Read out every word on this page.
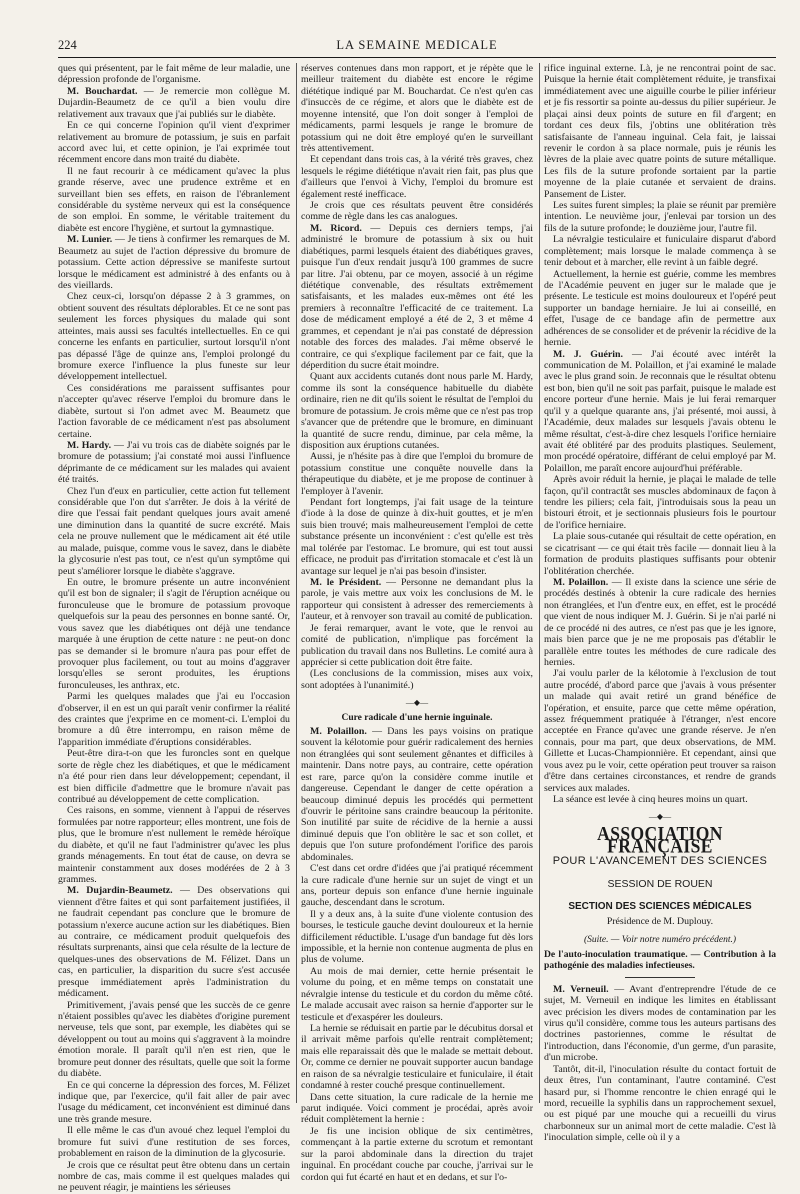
224	LA SEMAINE MEDICALE

ques qui présentent, par le fait même de leur maladie, une dépression profonde de l'organisme.

M. Bouchardat. — Je remercie mon collègue M. Dujardin-Beaumetz de ce qu'il a bien voulu dire relativement aux travaux que j'ai publiés sur le diabète.

En ce qui concerne l'opinion qu'il vient d'exprimer relativement au bromure de potassium, je suis en parfait accord avec lui, et cette opinion, je l'ai exprimée tout récemment encore dans mon traité du diabète.

Il ne faut recourir à ce médicament qu'avec la plus grande réserve, avec une prudence extrême et en surveillant bien ses effets, en raison de l'ébranlement considérable du système nerveux qui est la conséquence de son emploi. En somme, le véritable traitement du diabète est encore l'hygiène, et surtout la gymnastique.

M. Lunier. — Je tiens à confirmer les remarques de M. Beaumetz au sujet de l'action dépressive du bromure de potassium. Cette action dépressive se manifeste surtout lorsque le médicament est administré à des enfants ou à des vieillards.

Chez ceux-ci, lorsqu'on dépasse 2 à 3 grammes, on obtient souvent des résultats déplorables. Et ce ne sont pas seulement les forces physiques du malade qui sont atteintes, mais aussi ses facultés intellectuelles. En ce qui concerne les enfants en particulier, surtout lorsqu'il n'ont pas dépassé l'âge de quinze ans, l'emploi prolongé du bromure exerce l'influence la plus funeste sur leur développement intellectuel.

Ces considérations me paraissent suffisantes pour n'accepter qu'avec réserve l'emploi du bromure dans le diabète, surtout si l'on admet avec M. Beaumetz que l'action favorable de ce médicament n'est pas absolument certaine.

M. Hardy. — J'ai vu trois cas de diabète soignés par le bromure de potassium; j'ai constaté moi aussi l'influence déprimante de ce médicament sur les malades qui avaient été traités.

Chez l'un d'eux en particulier, cette action fut tellement considérable que l'on dut s'arrêter. Je dois à la vérité de dire que l'essai fait pendant quelques jours avait amené une diminution dans la quantité de sucre excrété. Mais cela ne prouve nullement que le médicament ait été utile au malade, puisque, comme vous le savez, dans le diabète la glycosurie n'est pas tout, ce n'est qu'un symptôme qui peut s'améliorer lorsque le diabète s'aggrave.

En outre, le bromure présente un autre inconvénient qu'il est bon de signaler; il s'agit de l'éruption acnéique ou furonculeuse que le bromure de potassium provoque quelquefois sur la peau des personnes en bonne santé. Or, vous savez que les diabétiques ont déjà une tendance marquée à une éruption de cette nature : ne peut-on donc pas se demander si le bromure n'aura pas pour effet de provoquer plus facilement, ou tout au moins d'aggraver lorsqu'elles se seront produites, les éruptions furonculeuses, les anthrax, etc.

Parmi les quelques malades que j'ai eu l'occasion d'observer, il en est un qui paraît venir confirmer la réalité des craintes que j'exprime en ce moment-ci. L'emploi du bromure a dû être interrompu, en raison même de l'apparition immédiate d'éruptions considérables.

Peut-être dira-t-on que les furoncles sont en quelque sorte de règle chez les diabétiques, et que le médicament n'a été pour rien dans leur développement; cependant, il est bien difficile d'admettre que le bromure n'avait pas contribué au développement de cette complication.

Ces raisons, en somme, viennent à l'appui de réserves formulées par notre rapporteur; elles montrent, une fois de plus, que le bromure n'est nullement le remède héroïque du diabète, et qu'il ne faut l'administrer qu'avec les plus grands ménagements. En tout état de cause, on devra se maintenir constamment aux doses modérées de 2 à 3 grammes.

M. Dujardin-Beaumetz. — Des observations qui viennent d'être faites et qui sont parfaitement justifiées, il ne faudrait cependant pas conclure que le bromure de potassium n'exerce aucune action sur les diabétiques. Bien au contraire, ce médicament produit quelquefois des résultats surprenants, ainsi que cela résulte de la lecture de quelques-unes des observations de M. Félizet. Dans un cas, en particulier, la disparition du sucre s'est accusée presque immédiatement après l'administration du médicament.

Primitivement, j'avais pensé que les succès de ce genre n'étaient possibles qu'avec les diabètes d'origine purement nerveuse, tels que sont, par exemple, les diabètes qui se développent ou tout au moins qui s'aggravent à la moindre émotion morale. Il paraît qu'il n'en est rien, que le bromure peut donner des résultats, quelle que soit la forme du diabète.

En ce qui concerne la dépression des forces, M. Félizet indique que, par l'exercice, qu'il fait aller de pair avec l'usage du médicament, cet inconvénient est diminué dans une très grande mesure.

Il elle même le cas d'un avoué chez lequel l'emploi du bromure fut suivi d'une restitution de ses forces, probablement en raison de la diminution de la glycosurie.

Je crois que ce résultat peut être obtenu dans un certain nombre de cas, mais comme il est quelques malades qui ne peuvent réagir, je maintiens les sérieuses

réserves contenues dans mon rapport, et je répète que le meilleur traitement du diabète est encore le régime diététique indiqué par M. Bouchardat. Ce n'est qu'en cas d'insuccès de ce régime, et alors que le diabète est de moyenne intensité, que l'on doit songer à l'emploi de médicaments, parmi lesquels je range le bromure de potassium qui ne doit être employé qu'en le surveillant très attentivement.

Et cependant dans trois cas, à la vérité très graves, chez lesquels le régime diététique n'avait rien fait, pas plus que d'ailleurs que l'envoi à Vichy, l'emploi du bromure est également resté inefficace.

Je crois que ces résultats peuvent être considérés comme de règle dans les cas analogues.

M. Ricord. — Depuis ces derniers temps, j'ai administré le bromure de potassium à six ou huit diabétiques, parmi lesquels étaient des diabétiques graves, puisque l'un d'eux rendait jusqu'à 100 grammes de sucre par litre. J'ai obtenu, par ce moyen, associé à un régime diététique convenable, des résultats extrêmement satisfaisants, et les malades eux-mêmes ont été les premiers à reconnaître l'efficacité de ce traitement. La dose de médicament employé a été de 2, 3 et même 4 grammes, et cependant je n'ai pas constaté de dépression notable des forces des malades. J'ai même observé le contraire, ce qui s'explique facilement par ce fait, que la déperdition du sucre était moindre.

Quant aux accidents cutanés dont nous parle M. Hardy, comme ils sont la conséquence habituelle du diabète ordinaire, rien ne dit qu'ils soient le résultat de l'emploi du bromure de potassium. Je crois même que ce n'est pas trop s'avancer que de prétendre que le bromure, en diminuant la quantité de sucre rendu, diminue, par cela même, la disposition aux éruptions cutanées.

Aussi, je n'hésite pas à dire que l'emploi du bromure de potassium constitue une conquête nouvelle dans la thérapeutique du diabète, et je me propose de continuer à l'employer à l'avenir.

Pendant fort longtemps, j'ai fait usage de la teinture d'iode à la dose de quinze à dix-huit gouttes, et je m'en suis bien trouvé; mais malheureusement l'emploi de cette substance présente un inconvénient : c'est qu'elle est très mal tolérée par l'estomac. Le bromure, qui est tout aussi efficace, ne produit pas d'irritation stomacale et c'est là un avantage sur lequel je n'ai pas besoin d'insister.

M. le Président. — Personne ne demandant plus la parole, je vais mettre aux voix les conclusions de M. le rapporteur qui consistent à adresser des remerciements à l'auteur, et à renvoyer son travail au comité de publication.

Je ferai remarquer, avant le vote, que le renvoi au comité de publication, n'implique pas forcément la publication du travail dans nos Bulletins. Le comité aura à apprécier si cette publication doit être faite.

(Les conclusions de la commission, mises aux voix, sont adoptées à l'unanimité.)

—◆—
Cure radicale d'une hernie inguinale.

M. Polaillon. — Dans les pays voisins on pratique souvent la kélotomie pour guérir radicalement des hernies non étranglées qui sont seulement gênantes et difficiles à maintenir. Dans notre pays, au contraire, cette opération est rare, parce qu'on la considère comme inutile et dangereuse. Cependant le danger de cette opération a beaucoup diminué depuis les procédés qui permettent d'ouvrir le péritoine sans craindre beaucoup la péritonite. Son inutilité par suite de récidive de la hernie a aussi diminué depuis que l'on oblitère le sac et son collet, et depuis que l'on suture profondément l'orifice des parois abdominales.

C'est dans cet ordre d'idées que j'ai pratiqué récemment la cure radicale d'une hernie sur un sujet de vingt et un ans, porteur depuis son enfance d'une hernie inguinale gauche, descendant dans le scrotum.

Il y a deux ans, à la suite d'une violente contusion des bourses, le testicule gauche devint douloureux et la hernie difficilement réductible. L'usage d'un bandage fut dès lors impossible, et la hernie non contenue augmenta de plus en plus de volume.

Au mois de mai dernier, cette hernie présentait le volume du poing, et en même temps on constatait une névralgie intense du testicule et du cordon du même côté. Le malade accusait avec raison sa hernie d'apporter sur le testicule et d'exaspérer les douleurs.

La hernie se réduisait en partie par le décubitus dorsal et il arrivait même parfois qu'elle rentrait complètement; mais elle reparaissait dès que le malade se mettait debout. Or, comme ce dernier ne pouvait supporter aucun bandage en raison de sa névralgie testiculaire et funiculaire, il était condamné à rester couché presque continuellement.

Dans cette situation, la cure radicale de la hernie me parut indiquée. Voici comment je procédai, après avoir réduit complètement la hernie :

Je fis une incision oblique de six centimètres, commençant à la partie externe du scrotum et remontant sur la paroi abdominale dans la direction du trajet inguinal. En procédant couche par couche, j'arrivai sur le cordon qui fut écarté en haut et en dedans, et sur l'o-

rifice inguinal externe. Là, je ne rencontrai point de sac. Puisque la hernie était complètement réduite, je transfixai immédiatement avec une aiguille courbe le pilier inférieur et je fis ressortir sa pointe au-dessus du pilier supérieur. Je plaçai ainsi deux points de suture en fil d'argent; en tordant ces deux fils, j'obtins une oblitération très satisfaisante de l'anneau inguinal. Cela fait, je laissai revenir le cordon à sa place normale, puis je réunis les lèvres de la plaie avec quatre points de suture métallique. Les fils de la suture profonde sortaient par la partie moyenne de la plaie cutanée et servaient de drains. Pansement de Lister.

Les suites furent simples; la plaie se réunit par première intention. Le neuvième jour, j'enlevai par torsion un des fils de la suture profonde; le douzième jour, l'autre fil.

La névralgie testiculaire et funiculaire disparut d'abord complètement; mais lorsque le malade commença à se tenir debout et à marcher, elle revint à un faible degré.

Actuellement, la hernie est guérie, comme les membres de l'Académie peuvent en juger sur le malade que je présente. Le testicule est moins douloureux et l'opéré peut supporter un bandage herniaire. Je lui ai conseillé, en effet, l'usage de ce bandage afin de permettre aux adhérences de se consolider et de prévenir la récidive de la hernie.

M. J. Guérin. — J'ai écouté avec intérêt la communication de M. Polaillon, et j'ai examiné le malade avec le plus grand soin. Je reconnais que le résultat obtenu est bon, bien qu'il ne soit pas parfait, puisque le malade est encore porteur d'une hernie. Mais je lui ferai remarquer qu'il y a quelque quarante ans, j'ai présenté, moi aussi, à l'Académie, deux malades sur lesquels j'avais obtenu le même résultat, c'est-à-dire chez lesquels l'orifice herniaire avait été oblitéré par des produits plastiques. Seulement, mon procédé opératoire, différant de celui employé par M. Polaillon, me paraît encore aujourd'hui préférable.

Après avoir réduit la hernie, je plaçai le malade de telle façon, qu'il contractât ses muscles abdominaux de façon à tendre les piliers; cela fait, j'introduisais sous la peau un bistouri étroit, et je sectionnais plusieurs fois le pourtour de l'orifice herniaire.

La plaie sous-cutanée qui résultait de cette opération, en se cicatrisant — ce qui était très facile — donnait lieu à la formation de produits plastiques suffisants pour obtenir l'oblitération cherchée.

M. Polaillon. — Il existe dans la science une série de procédés destinés à obtenir la cure radicale des hernies non étranglées, et l'un d'entre eux, en effet, est le procédé que vient de nous indiquer M. J. Guérin. Si je n'ai parlé ni de ce procédé ni des autres, ce n'est pas que je les ignore, mais bien parce que je ne me proposais pas d'établir le parallèle entre toutes les méthodes de cure radicale des hernies.

J'ai voulu parler de la kélotomie à l'exclusion de tout autre procédé, d'abord parce que j'avais à vous présenter un malade qui avait retiré un grand bénéfice de l'opération, et ensuite, parce que cette même opération, assez fréquemment pratiquée à l'étranger, n'est encore acceptée en France qu'avec une grande réserve. Je n'en connais, pour ma part, que deux observations, de MM. Gillette et Lucas-Championnière. Et cependant, ainsi que vous avez pu le voir, cette opération peut trouver sa raison d'être dans certaines circonstances, et rendre de grands services aux malades.

La séance est levée à cinq heures moins un quart.

—◆—
ASSOCIATION FRANÇAISE
POUR L'AVANCEMENT DES SCIENCES
SESSION DE ROUEN
SECTION DES SCIENCES MÉDICALES
Présidence de M. Duplouy.
(Suite. — Voir notre numéro précédent.)
De l'auto-inoculation traumatique. — Contribution à la pathogénie des maladies infectieuses.

M. Verneuil. — Avant d'entreprendre l'étude de ce sujet, M. Verneuil en indique les limites en établissant avec précision les divers modes de contamination par les virus qu'il considère, comme tous les auteurs partisans des doctrines pastoriennes, comme le résultat de l'introduction, dans l'économie, d'un germe, d'un parasite, d'un microbe.

Tantôt, dit-il, l'inoculation résulte du contact fortuit de deux êtres, l'un contaminant, l'autre contaminé. C'est hasard pur, si l'homme rencontre le chien enragé qui le mord, recueille la syphilis dans un rapprochement sexuel, ou est piqué par une mouche qui a recueilli du virus charbonneux sur un animal mort de cette maladie. C'est là l'inoculation simple, celle où il y a
